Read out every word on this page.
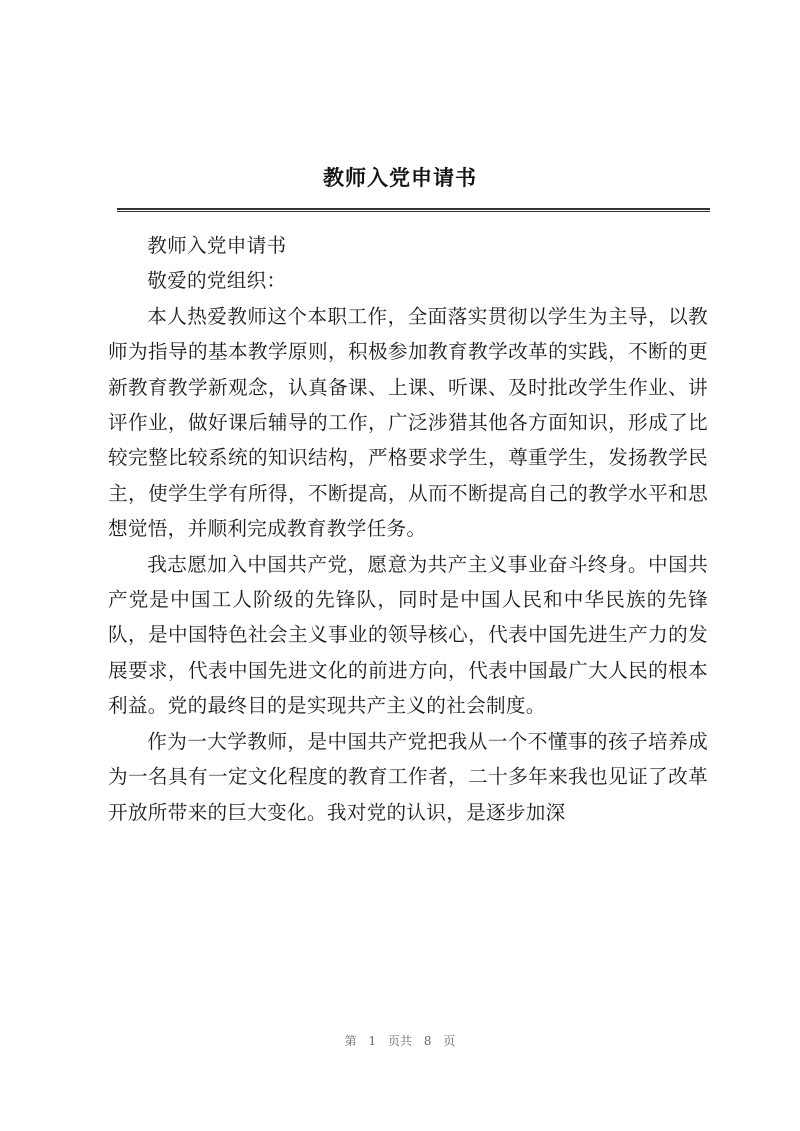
教师入党申请书

教师入党申请书

敬爱的党组织：

本人热爱教师这个本职工作，全面落实贯彻以学生为主导，以教师为指导的基本教学原则，积极参加教育教学改革的实践，不断的更新教育教学新观念，认真备课、上课、听课、及时批改学生作业、讲评作业，做好课后辅导的工作，广泛涉猎其他各方面知识，形成了比较完整比较系统的知识结构，严格要求学生，尊重学生，发扬教学民主，使学生学有所得，不断提高，从而不断提高自己的教学水平和思想觉悟，并顺利完成教育教学任务。

我志愿加入中国共产党，愿意为共产主义事业奋斗终身。中国共产党是中国工人阶级的先锋队，同时是中国人民和中华民族的先锋队，是中国特色社会主义事业的领导核心，代表中国先进生产力的发展要求，代表中国先进文化的前进方向，代表中国最广大人民的根本利益。党的最终目的是实现共产主义的社会制度。

作为一大学教师，是中国共产党把我从一个不懂事的孩子培养成为一名具有一定文化程度的教育工作者，二十多年来我也见证了改革开放所带来的巨大变化。我对党的认识，是逐步加深

第 1 页共 8 页
